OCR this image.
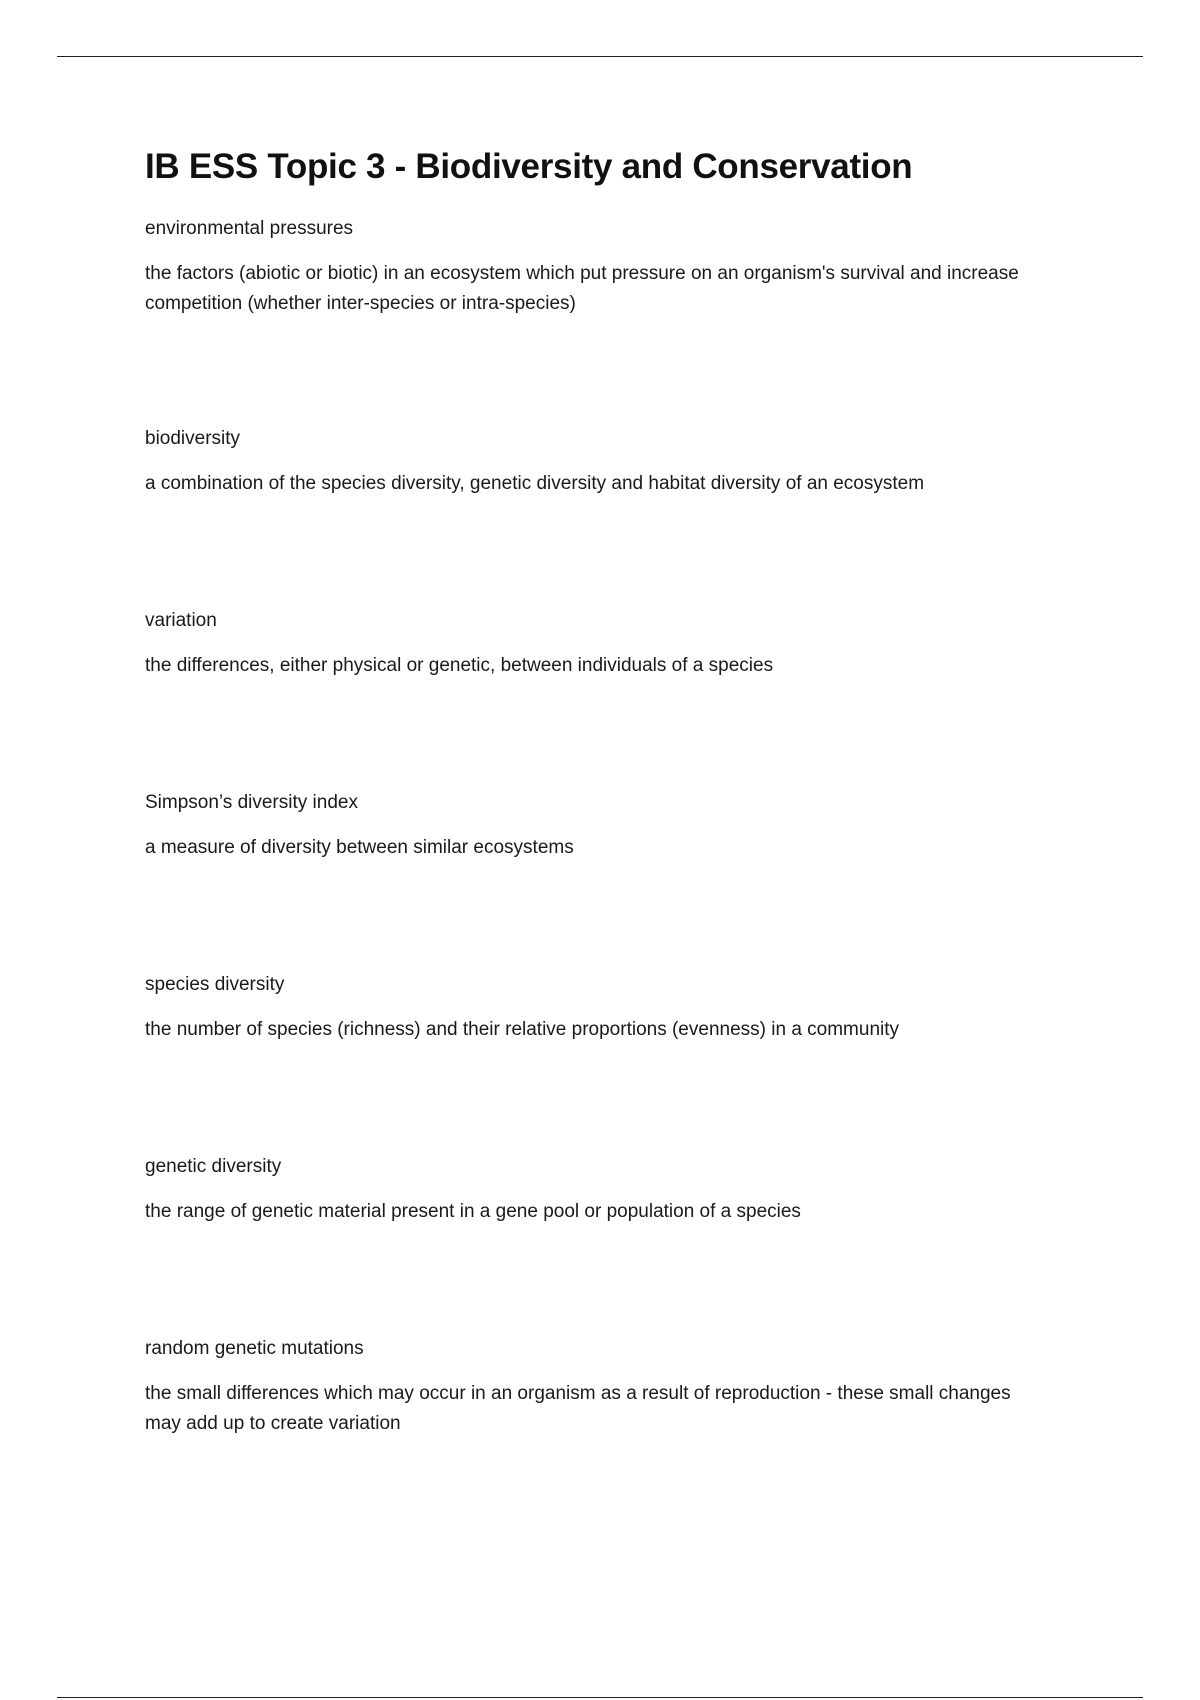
IB ESS Topic 3 - Biodiversity and Conservation
environmental pressures
the factors (abiotic or biotic) in an ecosystem which put pressure on an organism's survival and increase competition (whether inter-species or intra-species)
biodiversity
a combination of the species diversity, genetic diversity and habitat diversity of an ecosystem
variation
the differences, either physical or genetic, between individuals of a species
Simpson’s diversity index
a measure of diversity between similar ecosystems
species diversity
the number of species (richness) and their relative proportions (evenness) in a community
genetic diversity
the range of genetic material present in a gene pool or population of a species
random genetic mutations
the small differences which may occur in an organism as a result of reproduction - these small changes may add up to create variation
